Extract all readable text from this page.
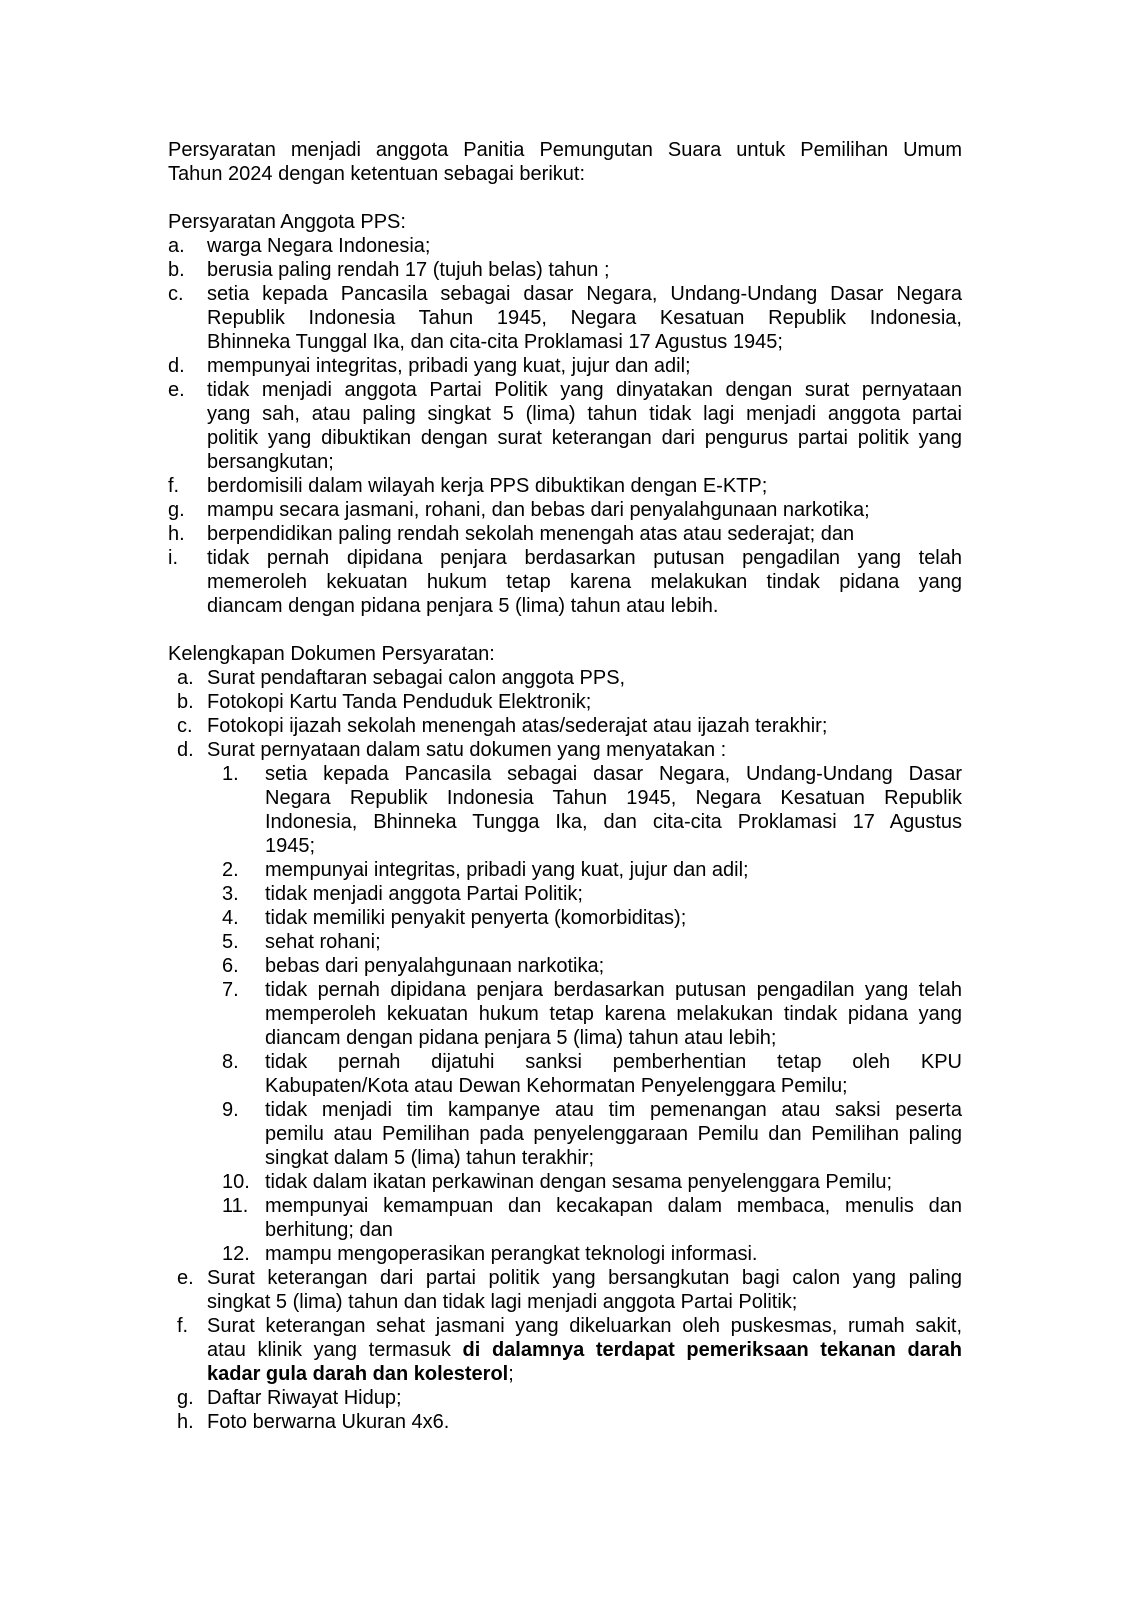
Persyaratan menjadi anggota Panitia Pemungutan Suara untuk Pemilihan Umum
Tahun 2024 dengan ketentuan sebagai berikut:
Persyaratan Anggota PPS:
a.	warga Negara Indonesia;
b.	berusia paling rendah 17 (tujuh belas) tahun ;
c.	setia kepada Pancasila sebagai dasar Negara, Undang-Undang Dasar Negara
Republik Indonesia Tahun 1945, Negara Kesatuan Republik Indonesia,
Bhinneka Tunggal Ika, dan cita-cita Proklamasi 17 Agustus 1945;
d.	mempunyai integritas, pribadi yang kuat, jujur dan adil;
e.	tidak menjadi anggota Partai Politik yang dinyatakan dengan surat pernyataan
yang sah, atau paling singkat 5 (lima) tahun tidak lagi menjadi anggota partai
politik yang dibuktikan dengan surat keterangan dari pengurus partai politik yang
bersangkutan;
f.	berdomisili dalam wilayah kerja PPS dibuktikan dengan E-KTP;
g.	mampu secara jasmani, rohani, dan bebas dari penyalahgunaan narkotika;
h.	berpendidikan paling rendah sekolah menengah atas atau sederajat; dan
i.	tidak pernah dipidana penjara berdasarkan putusan pengadilan yang telah
memeroleh kekuatan hukum tetap karena melakukan tindak pidana yang
diancam dengan pidana penjara 5 (lima) tahun atau lebih.
Kelengkapan Dokumen Persyaratan:
a. Surat pendaftaran sebagai calon anggota PPS,
b. Fotokopi Kartu Tanda Penduduk Elektronik;
c. Fotokopi ijazah sekolah menengah atas/sederajat atau ijazah terakhir;
d. Surat pernyataan dalam satu dokumen yang menyatakan :
1.	setia kepada Pancasila sebagai dasar Negara, Undang-Undang Dasar
Negara Republik Indonesia Tahun 1945, Negara Kesatuan Republik
Indonesia, Bhinneka Tungga Ika, dan cita-cita Proklamasi 17 Agustus
1945;
2.	mempunyai integritas, pribadi yang kuat, jujur dan adil;
3.	tidak menjadi anggota Partai Politik;
4.	tidak memiliki penyakit penyerta (komorbiditas);
5.	sehat rohani;
6.	bebas dari penyalahgunaan narkotika;
7.	tidak pernah dipidana penjara berdasarkan putusan pengadilan yang telah
memperoleh kekuatan hukum tetap karena melakukan tindak pidana yang
diancam dengan pidana penjara 5 (lima) tahun atau lebih;
8.	tidak pernah dijatuhi sanksi pemberhentian tetap oleh KPU
Kabupaten/Kota atau Dewan Kehormatan Penyelenggara Pemilu;
9.	tidak menjadi tim kampanye atau tim pemenangan atau saksi peserta
pemilu atau Pemilihan pada penyelenggaraan Pemilu dan Pemilihan paling
singkat dalam 5 (lima) tahun terakhir;
10. tidak dalam ikatan perkawinan dengan sesama penyelenggara Pemilu;
11. mempunyai kemampuan dan kecakapan dalam membaca, menulis dan
berhitung; dan
12. mampu mengoperasikan perangkat teknologi informasi.
e. Surat keterangan dari partai politik yang bersangkutan bagi calon yang paling
singkat 5 (lima) tahun dan tidak lagi menjadi anggota Partai Politik;
f. Surat keterangan sehat jasmani yang dikeluarkan oleh puskesmas, rumah sakit,
atau klinik yang termasuk di dalamnya terdapat pemeriksaan tekanan darah
kadar gula darah dan kolesterol;
g. Daftar Riwayat Hidup;
h. Foto berwarna Ukuran 4x6.
